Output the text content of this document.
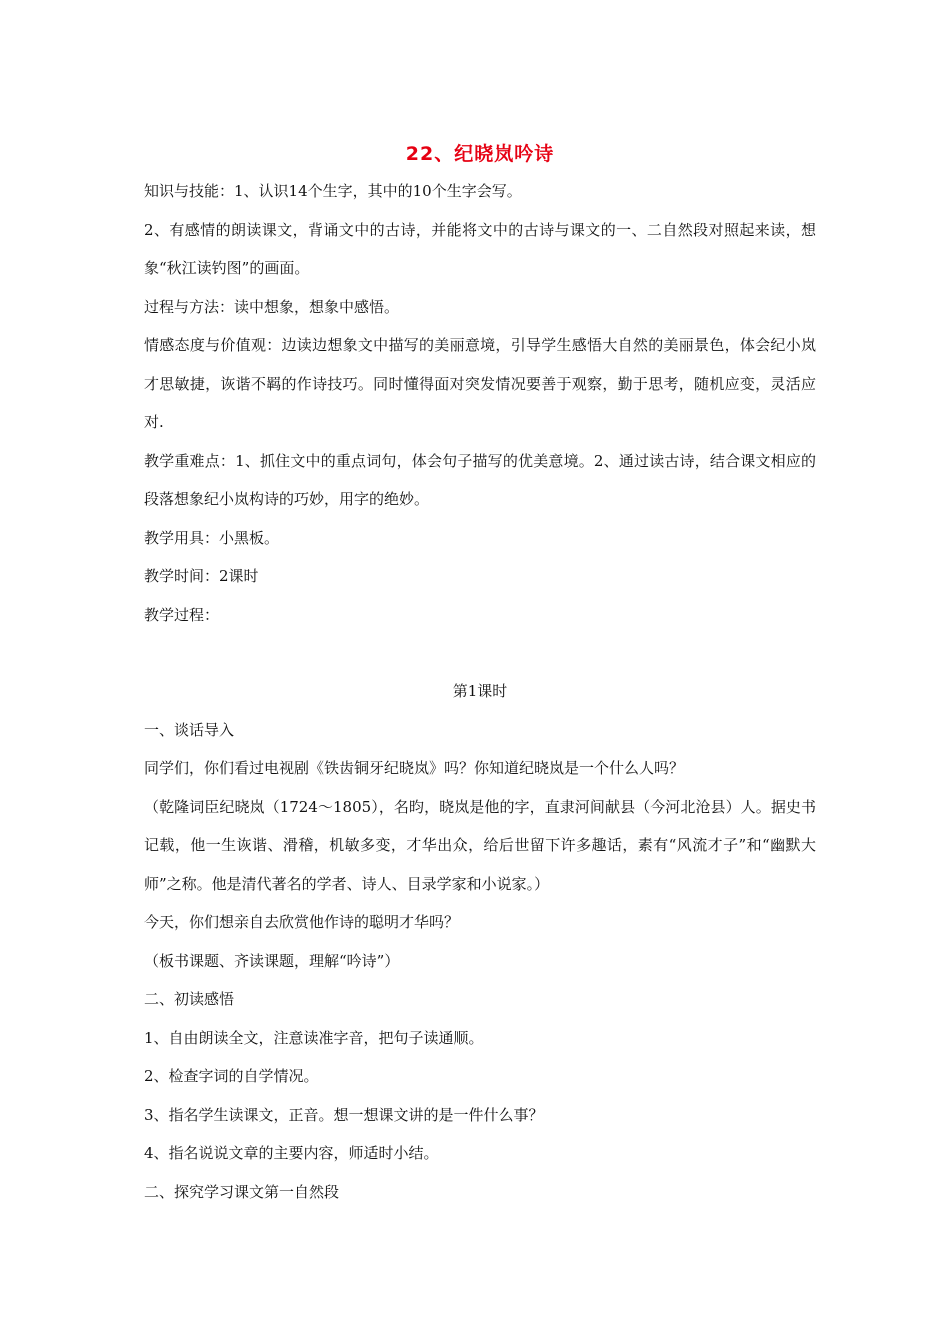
22、纪晓岚吟诗

知识与技能：1、认识14个生字，其中的10个生字会写。

2、有感情的朗读课文，背诵文中的古诗，并能将文中的古诗与课文的一、二自然段对照起来读，想象“秋江读钓图”的画面。

过程与方法：读中想象，想象中感悟。

情感态度与价值观：边读边想象文中描写的美丽意境，引导学生感悟大自然的美丽景色，体会纪小岚才思敏捷，诙谐不羁的作诗技巧。同时懂得面对突发情况要善于观察，勤于思考，随机应变，灵活应对.

教学重难点：1、抓住文中的重点词句，体会句子描写的优美意境。2、通过读古诗，结合课文相应的段落想象纪小岚构诗的巧妙，用字的绝妙。

教学用具：小黑板。

教学时间：2课时

教学过程：

第1课时

一、谈话导入

同学们，你们看过电视剧《铁齿铜牙纪晓岚》吗？你知道纪晓岚是一个什么人吗？

（乾隆词臣纪晓岚（1724～1805），名昀，晓岚是他的字，直隶河间献县（今河北沧县）人。据史书记载，他一生诙谐、滑稽，机敏多变，才华出众，给后世留下许多趣话，素有“风流才子”和“幽默大师”之称。他是清代著名的学者、诗人、目录学家和小说家。）

今天，你们想亲自去欣赏他作诗的聪明才华吗？

（板书课题、齐读课题，理解“吟诗”）

二、初读感悟

1、自由朗读全文，注意读准字音，把句子读通顺。

2、检查字词的自学情况。

3、指名学生读课文，正音。想一想课文讲的是一件什么事？

4、指名说说文章的主要内容，师适时小结。

二、探究学习课文第一自然段
